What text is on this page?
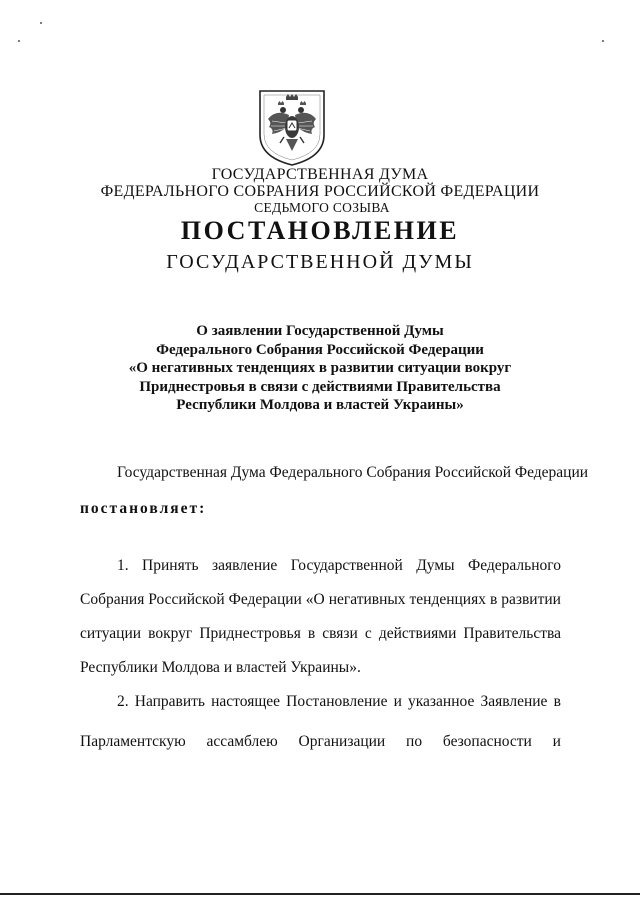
ГОСУДАРСТВЕННАЯ ДУМА
ФЕДЕРАЛЬНОГО СОБРАНИЯ РОССИЙСКОЙ ФЕДЕРАЦИИ
СЕДЬМОГО СОЗЫВА
ПОСТАНОВЛЕНИЕ
ГОСУДАРСТВЕННОЙ ДУМЫ
О заявлении Государственной Думы
Федерального Собрания Российской Федерации
«О негативных тенденциях в развитии ситуации вокруг
Приднестровья в связи с действиями Правительства
Республики Молдова и властей Украины»
Государственная Дума Федерального Собрания Российской Федерации
постановляет:
1. Принять заявление Государственной Думы Федерального
Собрания Российской Федерации «О негативных тенденциях в развитии
ситуации вокруг Приднестровья в связи с действиями Правительства
Республики Молдова и властей Украины».
2. Направить настоящее Постановление и указанное Заявление в
Парламентскую ассамблею Организации по безопасности и
